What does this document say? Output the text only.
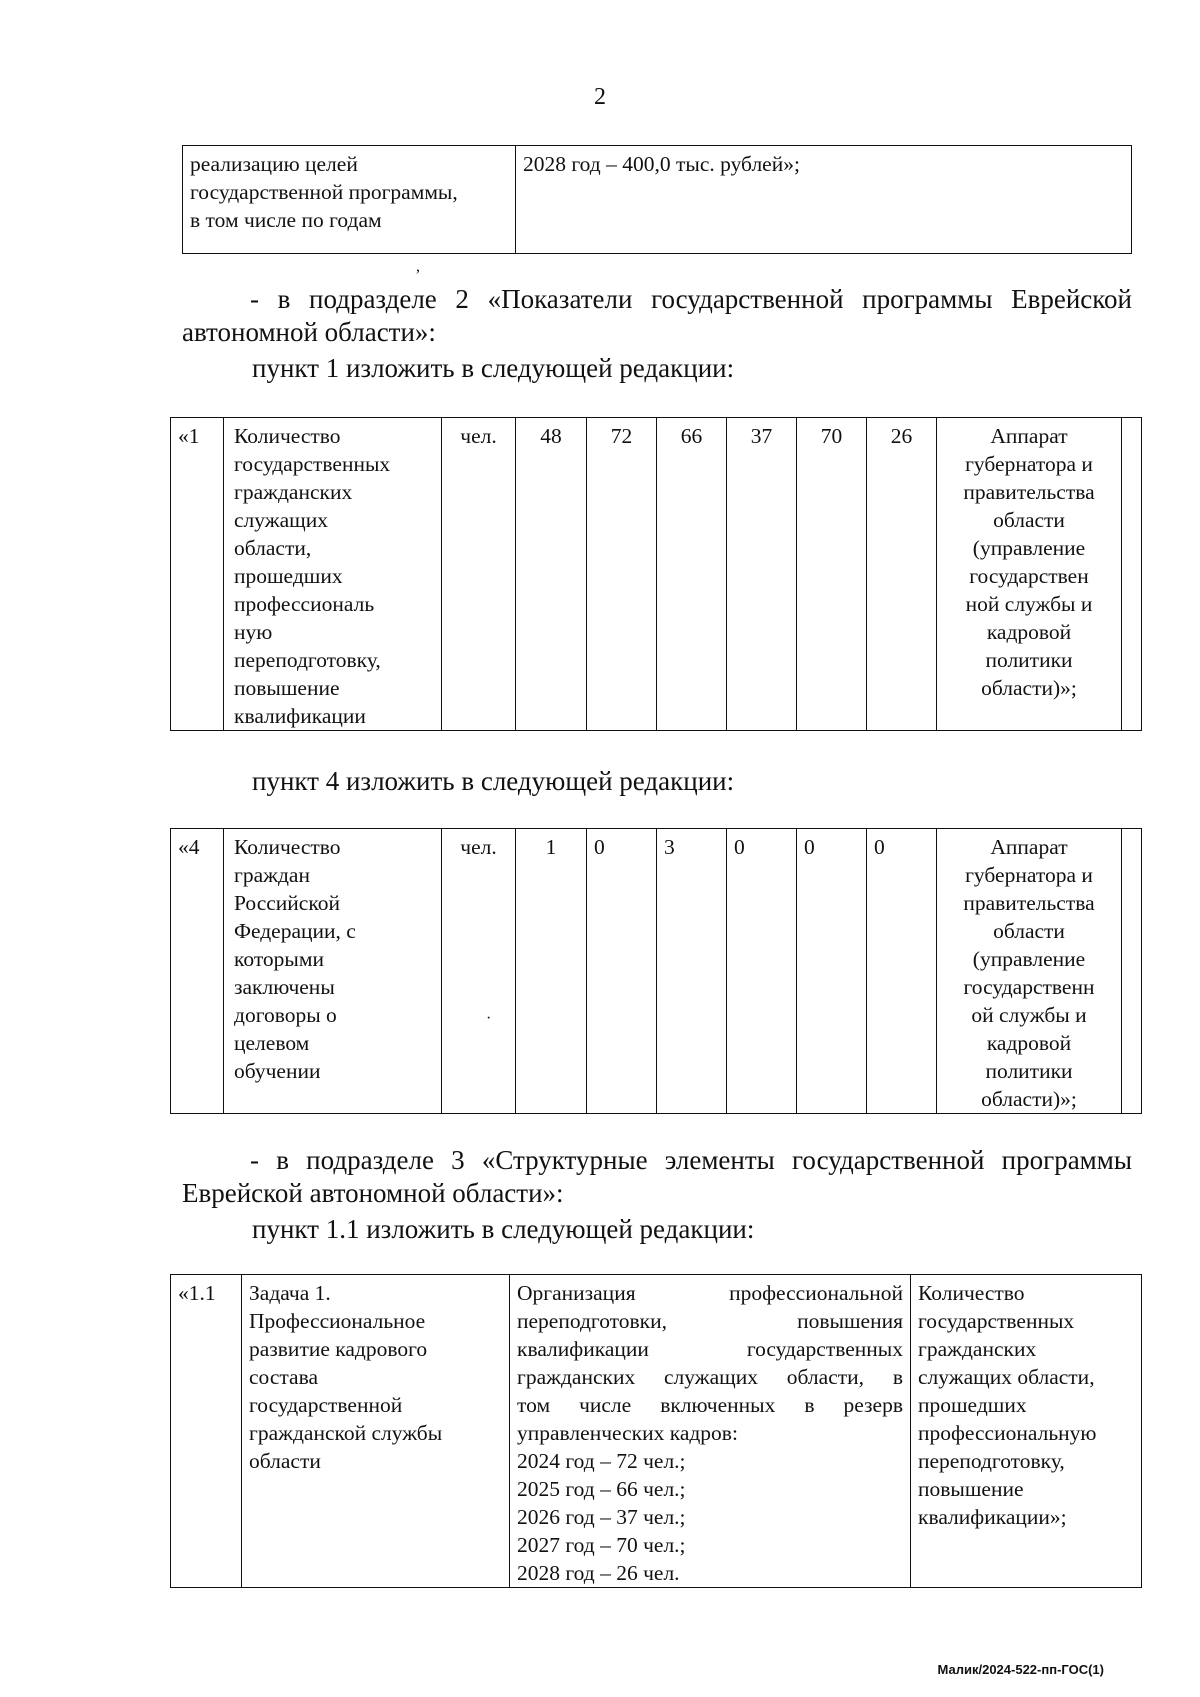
2
реализацию целей
государственной программы,
в том числе по годам
	2028 год – 400,0 тыс. рублей»;
,
- в подразделе 2 «Показатели государственной программы Еврейской
автономной области»:
пункт 1 изложить в следующей редакции:
«1	Количество
государственных
гражданских
служащих
области,
прошедших
профессиональ
ную
переподготовку,
повышение
квалификации
	чел.	48	72	66	37	70	26	Аппарат
губернатора и
правительства
области
(управление
государствен
ной службы и
кадровой
политики
области)»;

пункт 4 изложить в следующей редакции:
«4	Количество
граждан
Российской
Федерации, с
которыми
заключены
договоры о
целевом
обучении
	чел.	1	0	3	0	0	0	Аппарат
губернатора и
правительства
области
(управление
государственн
ой службы и
кадровой
политики
области)»;

·
- в подразделе 3 «Структурные элементы государственной программы
Еврейской автономной области»:
пункт 1.1 изложить в следующей редакции:
«1.1	Задача 1.
Профессиональное
развитие кадрового
состава
государственной
гражданской службы
области

Организация профессиональной
переподготовки, повышения
квалификации государственных
гражданских служащих области, в
том числе включенных в резерв
управленческих кадров:
2024 год – 72 чел.;
2025 год – 66 чел.;
2026 год – 37 чел.;
2027 год – 70 чел.;
2028 год – 26 чел.

Количество
государственных
гражданских
служащих области,
прошедших
профессиональную
переподготовку,
повышение
квалификации»;
Малик/2024-522-пп-ГОС(1)
